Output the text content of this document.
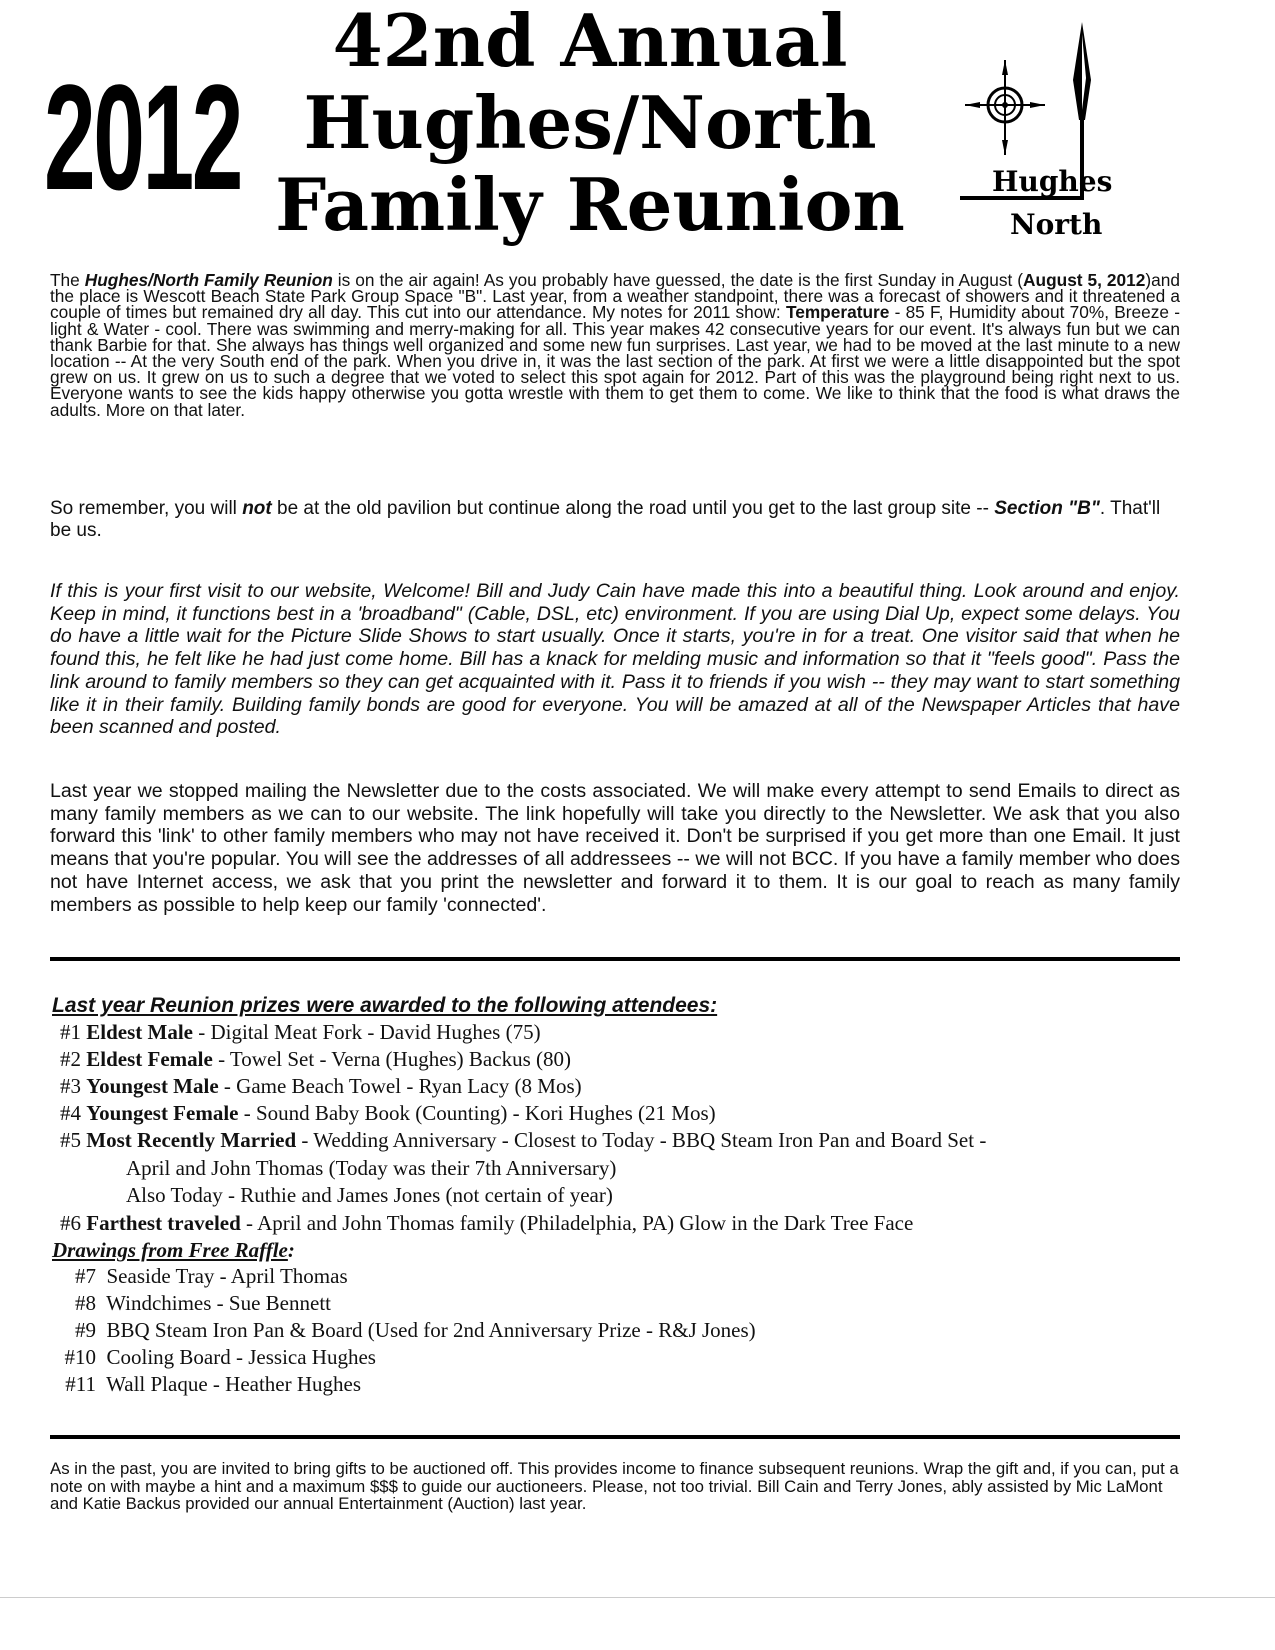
2012
42nd Annual
Hughes/North
Family Reunion	Hughes
North
The Hughes/North Family Reunion is on the air again! As you probably have guessed, the date is the first Sunday in August (August 5, 2012)and the place is Wescott Beach State Park Group Space "B". Last year, from a weather standpoint, there was a forecast of showers and it threatened a couple of times but remained dry all day. This cut into our attendance. My notes for 2011 show: Temperature - 85 F, Humidity about 70%, Breeze - light & Water - cool. There was swimming and merry-making for all. This year makes 42 consecutive years for our event. It's always fun but we can thank Barbie for that. She always has things well organized and some new fun surprises. Last year, we had to be moved at the last minute to a new location -- At the very South end of the park. When you drive in, it was the last section of the park. At first we were a little disappointed but the spot grew on us. It grew on us to such a degree that we voted to select this spot again for 2012. Part of this was the playground being right next to us. Everyone wants to see the kids happy otherwise you gotta wrestle with them to get them to come. We like to think that the food is what draws the adults. More on that later.
So remember, you will not be at the old pavilion but continue along the road until you get to the last group site -- Section "B". That'll be us.
If this is your first visit to our website, Welcome! Bill and Judy Cain have made this into a beautiful thing. Look around and enjoy. Keep in mind, it functions best in a 'broadband" (Cable, DSL, etc) environment. If you are using Dial Up, expect some delays. You do have a little wait for the Picture Slide Shows to start usually. Once it starts, you're in for a treat. One visitor said that when he found this, he felt like he had just come home. Bill has a knack for melding music and information so that it "feels good". Pass the link around to family members so they can get acquainted with it. Pass it to friends if you wish -- they may want to start something like it in their family. Building family bonds are good for everyone. You will be amazed at all of the Newspaper Articles that have been scanned and posted.
Last year we stopped mailing the Newsletter due to the costs associated. We will make every attempt to send Emails to direct as many family members as we can to our website. The link hopefully will take you directly to the Newsletter. We ask that you also forward this 'link' to other family members who may not have received it. Don't be surprised if you get more than one Email. It just means that you're popular. You will see the addresses of all addressees -- we will not BCC. If you have a family member who does not have Internet access, we ask that you print the newsletter and forward it to them. It is our goal to reach as many family members as possible to help keep our family 'connected'.
Last year Reunion prizes were awarded to the following attendees:
#1 Eldest Male - Digital Meat Fork - David Hughes (75)
#2 Eldest Female - Towel Set - Verna (Hughes) Backus (80)
#3 Youngest Male - Game Beach Towel - Ryan Lacy (8 Mos)
#4 Youngest Female - Sound Baby Book (Counting) - Kori Hughes (21 Mos)
#5 Most Recently Married - Wedding Anniversary - Closest to Today - BBQ Steam Iron Pan and Board Set -
April and John Thomas (Today was their 7th Anniversary)
Also Today - Ruthie and James Jones (not certain of year)
#6 Farthest traveled - April and John Thomas family (Philadelphia, PA) Glow in the Dark Tree Face
Drawings from Free Raffle:
#7 Seaside Tray - April Thomas
#8 Windchimes - Sue Bennett
#9 BBQ Steam Iron Pan & Board (Used for 2nd Anniversary Prize - R&J Jones)
#10 Cooling Board - Jessica Hughes
#11 Wall Plaque - Heather Hughes
As in the past, you are invited to bring gifts to be auctioned off. This provides income to finance subsequent reunions. Wrap the gift and, if you can, put a note on with maybe a hint and a maximum $$$ to guide our auctioneers. Please, not too trivial. Bill Cain and Terry Jones, ably assisted by Mic LaMont and Katie Backus provided our annual Entertainment (Auction) last year.
